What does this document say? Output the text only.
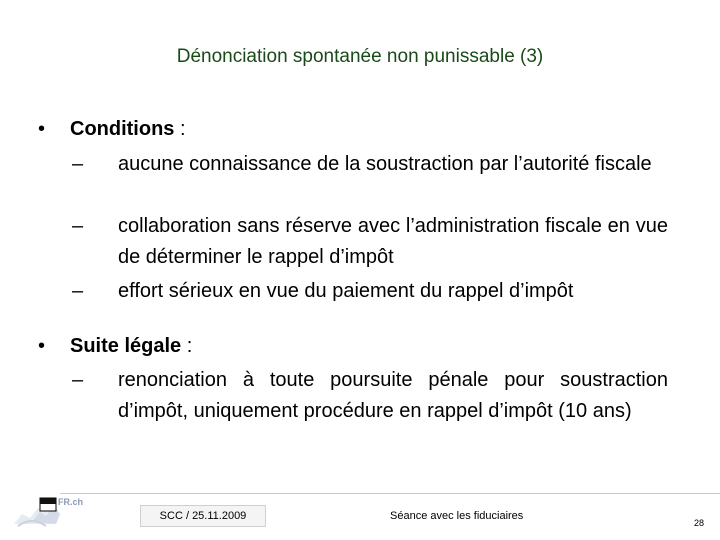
Dénonciation spontanée non punissable (3)
• Conditions :
– aucune connaissance de la soustraction par l’autorité fiscale
– collaboration sans réserve avec l’administration fiscale en vue de déterminer le rappel d’impôt
– effort sérieux en vue du paiement du rappel d’impôt
• Suite légale :
– renonciation à toute poursuite pénale pour soustraction d’impôt, uniquement procédure en rappel d’impôt (10 ans)
FR.ch
SCC / 25.11.2009	Séance avec les fiduciaires
28
